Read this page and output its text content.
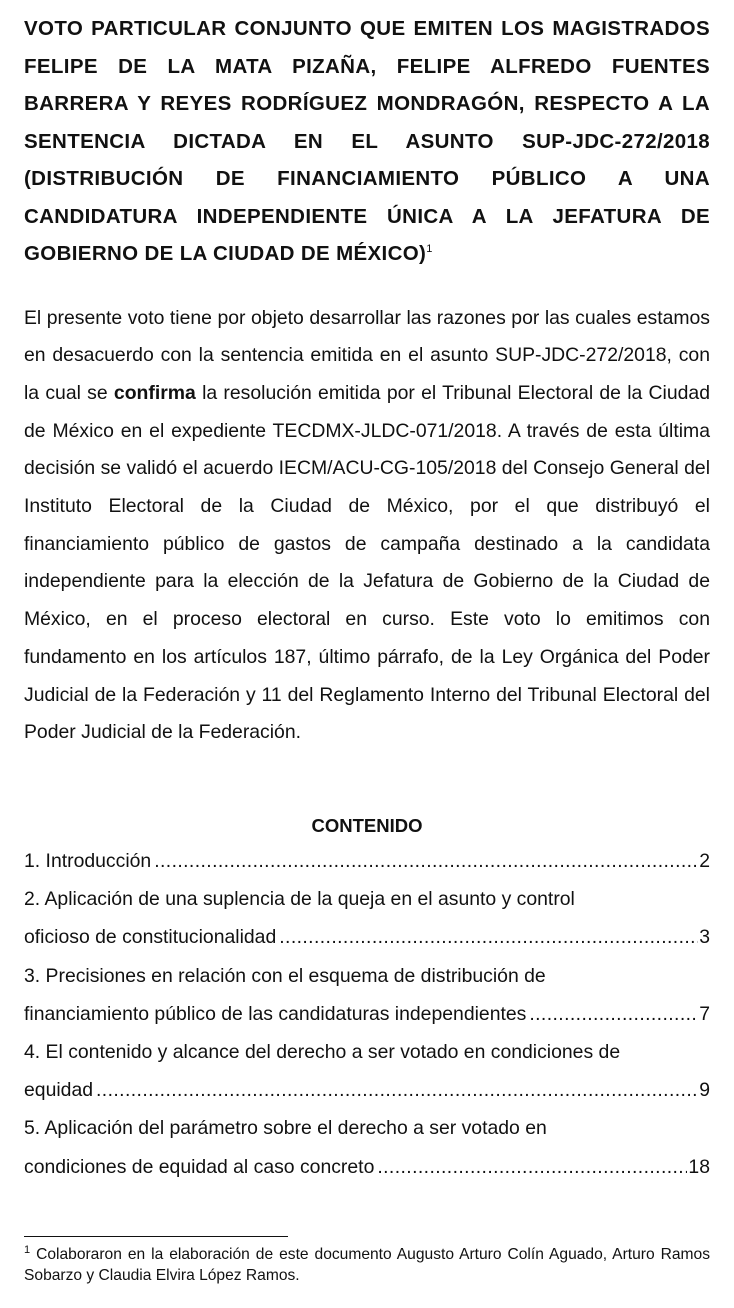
VOTO PARTICULAR CONJUNTO QUE EMITEN LOS MAGISTRADOS FELIPE DE LA MATA PIZAÑA, FELIPE ALFREDO FUENTES BARRERA Y REYES RODRÍGUEZ MONDRAGÓN, RESPECTO A LA SENTENCIA DICTADA EN EL ASUNTO SUP-JDC-272/2018 (DISTRIBUCIÓN DE FINANCIAMIENTO PÚBLICO A UNA CANDIDATURA INDEPENDIENTE ÚNICA A LA JEFATURA DE GOBIERNO DE LA CIUDAD DE MÉXICO)$^1$

El presente voto tiene por objeto desarrollar las razones por las cuales estamos en desacuerdo con la sentencia emitida en el asunto SUP-JDC-272/2018, con la cual se confirma la resolución emitida por el Tribunal Electoral de la Ciudad de México en el expediente TECDMX-JLDC-071/2018. A través de esta última decisión se validó el acuerdo IECM/ACU-CG-105/2018 del Consejo General del Instituto Electoral de la Ciudad de México, por el que distribuyó el financiamiento público de gastos de campaña destinado a la candidata independiente para la elección de la Jefatura de Gobierno de la Ciudad de México, en el proceso electoral en curso. Este voto lo emitimos con fundamento en los artículos 187, último párrafo, de la Ley Orgánica del Poder Judicial de la Federación y 11 del Reglamento Interno del Tribunal Electoral del Poder Judicial de la Federación.

CONTENIDO
1. Introducción .....	2
2. Aplicación de una suplencia de la queja en el asunto y control
oficioso de constitucionalidad .....	3
3. Precisiones en relación con el esquema de distribución de
financiamiento público de las candidaturas independientes .....	7
4. El contenido y alcance del derecho a ser votado en condiciones de
equidad .....	9
5. Aplicación del parámetro sobre el derecho a ser votado en
condiciones de equidad al caso concreto .....	18

$^1$ Colaboraron en la elaboración de este documento Augusto Arturo Colín Aguado, Arturo Ramos Sobarzo y Claudia Elvira López Ramos.
